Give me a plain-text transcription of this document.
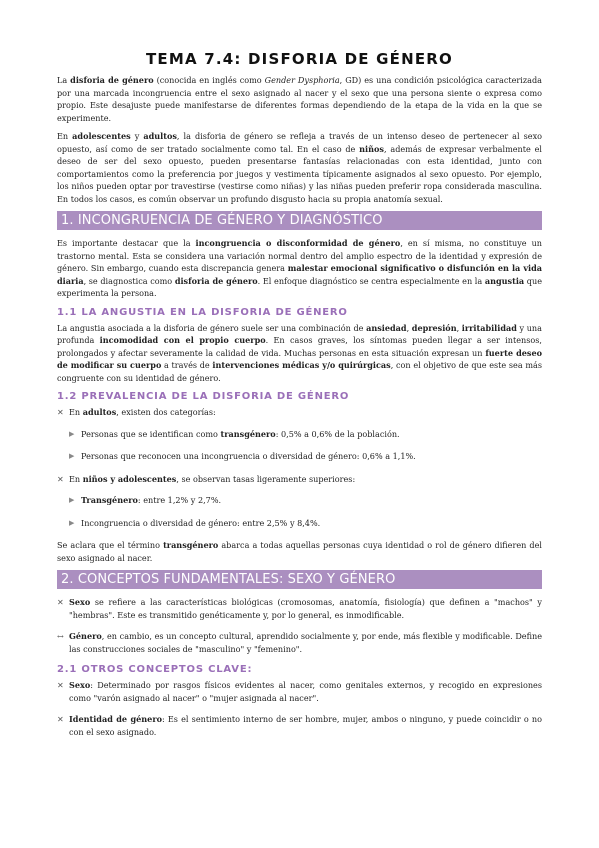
TEMA 7.4: DISFORIA DE GÉNERO

La disforia de género (conocida en inglés como Gender Dysphoria, GD) es una condición psicológica caracterizada por una marcada incongruencia entre el sexo asignado al nacer y el sexo que una persona siente o expresa como propio. Este desajuste puede manifestarse de diferentes formas dependiendo de la etapa de la vida en la que se experimente.

En adolescentes y adultos, la disforia de género se refleja a través de un intenso deseo de pertenecer al sexo opuesto, así como de ser tratado socialmente como tal. En el caso de niños, además de expresar verbalmente el deseo de ser del sexo opuesto, pueden presentarse fantasías relacionadas con esta identidad, junto con comportamientos como la preferencia por juegos y vestimenta típicamente asignados al sexo opuesto. Por ejemplo, los niños pueden optar por travestirse (vestirse como niñas) y las niñas pueden preferir ropa considerada masculina. En todos los casos, es común observar un profundo disgusto hacia su propia anatomía sexual.

1. INCONGRUENCIA DE GÉNERO Y DIAGNÓSTICO

Es importante destacar que la incongruencia o disconformidad de género, en sí misma, no constituye un trastorno mental. Esta se considera una variación normal dentro del amplio espectro de la identidad y expresión de género. Sin embargo, cuando esta discrepancia genera malestar emocional significativo o disfunción en la vida diaria, se diagnostica como disforia de género. El enfoque diagnóstico se centra especialmente en la angustia que experimenta la persona.

1.1 LA ANGUSTIA EN LA DISFORIA DE GÉNERO

La angustia asociada a la disforia de género suele ser una combinación de ansiedad, depresión, irritabilidad y una profunda incomodidad con el propio cuerpo. En casos graves, los síntomas pueden llegar a ser intensos, prolongados y afectar severamente la calidad de vida. Muchas personas en esta situación expresan un fuerte deseo de modificar su cuerpo a través de intervenciones médicas y/o quirúrgicas, con el objetivo de que este sea más congruente con su identidad de género.

1.2 PREVALENCIA DE LA DISFORIA DE GÉNERO
✕ En adultos, existen dos categorías:
▶ Personas que se identifican como transgénero: 0,5% a 0,6% de la población.
▶ Personas que reconocen una incongruencia o diversidad de género: 0,6% a 1,1%.
✕ En niños y adolescentes, se observan tasas ligeramente superiores:
▶ Transgénero: entre 1,2% y 2,7%.
▶ Incongruencia o diversidad de género: entre 2,5% y 8,4%.

Se aclara que el término transgénero abarca a todas aquellas personas cuya identidad o rol de género difieren del sexo asignado al nacer.

2. CONCEPTOS FUNDAMENTALES: SEXO Y GÉNERO
✕ Sexo se refiere a las características biológicas (cromosomas, anatomía, fisiología) que definen a "machos" y "hembras". Este es transmitido genéticamente y, por lo general, es inmodificable.
↔ Género, en cambio, es un concepto cultural, aprendido socialmente y, por ende, más flexible y modificable. Define las construcciones sociales de "masculino" y "femenino".
2.1 OTROS CONCEPTOS CLAVE:
✕ Sexo: Determinado por rasgos físicos evidentes al nacer, como genitales externos, y recogido en expresiones como "varón asignado al nacer" o "mujer asignada al nacer".
✕ Identidad de género: Es el sentimiento interno de ser hombre, mujer, ambos o ninguno, y puede coincidir o no con el sexo asignado.
